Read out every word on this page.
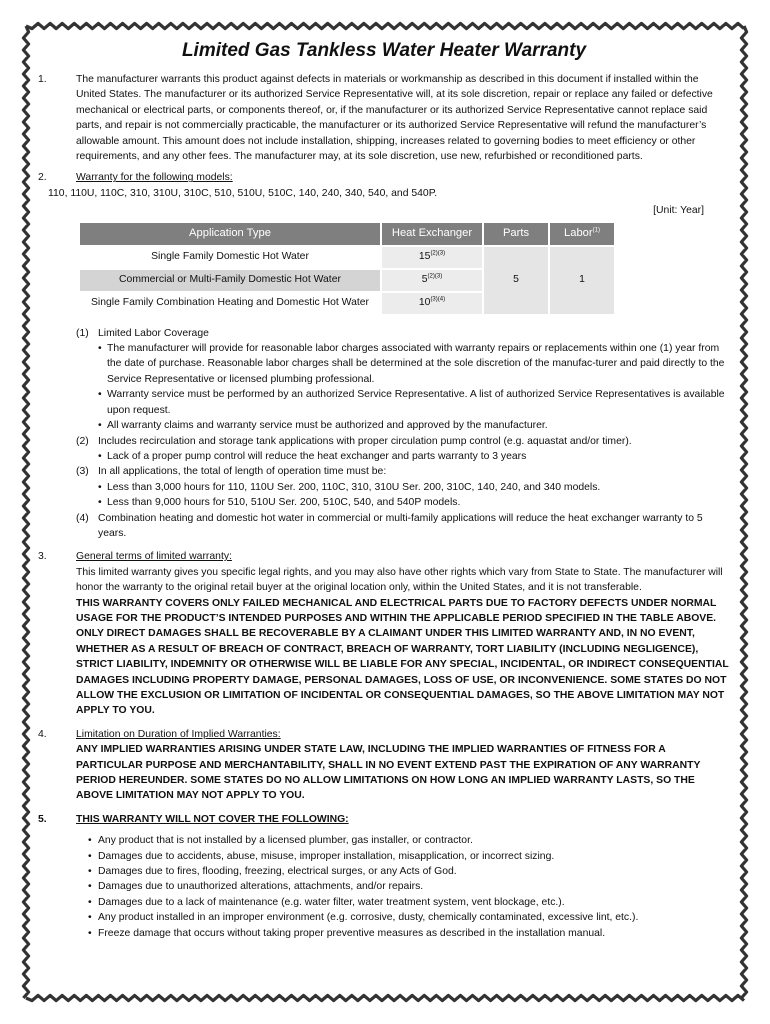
Limited Gas Tankless Water Heater Warranty
1.	The manufacturer warrants this product against defects in materials or workmanship as described in this document if installed within the United States. The manufacturer or its authorized Service Representative will, at its sole discretion, repair or replace any failed or defective mechanical or electrical parts, or components thereof, or, if the manufacturer or its authorized Service Representative cannot replace said parts, and repair is not commercially practicable, the manufacturer or its authorized Service Representative will refund the manufacturer’s allowable amount. This amount does not include installation, shipping, increases related to governing bodies to meet efficiency or other requirements, and any other fees. The manufacturer may, at its sole discretion, use new, refurbished or reconditioned parts.
2.	Warranty for the following models:
110, 110U, 110C, 310, 310U, 310C, 510, 510U, 510C, 140, 240, 340, 540, and 540P.
[Unit: Year]
Application Type	Heat Exchanger	Parts	Labor$^{(1)}$
Single Family Domestic Hot Water	$15^{(2)(3)}$	5	1
Commercial or Multi-Family Domestic Hot Water	$5^{(2)(3)}$
Single Family Combination Heating and Domestic Hot Water	$10^{(3)(4)}$
(1) Limited Labor Coverage
• The manufacturer will provide for reasonable labor charges associated with warranty repairs or replacements within one (1) year from the date of purchase. Reasonable labor charges shall be determined at the sole discretion of the manufac-turer and paid directly to the Service Representative or licensed plumbing professional.
• Warranty service must be performed by an authorized Service Representative. A list of authorized Service Representatives is available upon request.
• All warranty claims and warranty service must be authorized and approved by the manufacturer.
(2) Includes recirculation and storage tank applications with proper circulation pump control (e.g. aquastat and/or timer).
• Lack of a proper pump control will reduce the heat exchanger and parts warranty to 3 years
(3) In all applications, the total of length of operation time must be:
• Less than 3,000 hours for 110, 110U Ser. 200, 110C, 310, 310U Ser. 200, 310C, 140, 240, and 340 models.
• Less than 9,000 hours for 510, 510U Ser. 200, 510C, 540, and 540P models.
(4) Combination heating and domestic hot water in commercial or multi-family applications will reduce the heat exchanger warranty to 5 years.
3.	General terms of limited warranty:
This limited warranty gives you specific legal rights, and you may also have other rights which vary from State to State. The manufacturer will honor the warranty to the original retail buyer at the original location only, within the United States, and it is not transferable.
THIS WARRANTY COVERS ONLY FAILED MECHANICAL AND ELECTRICAL PARTS DUE TO FACTORY DEFECTS UNDER NORMAL USAGE FOR THE PRODUCT’S INTENDED PURPOSES AND WITHIN THE APPLICABLE PERIOD SPECIFIED IN THE TABLE ABOVE. ONLY DIRECT DAMAGES SHALL BE RECOVERABLE BY A CLAIMANT UNDER THIS LIMITED WARRANTY AND, IN NO EVENT, WHETHER AS A RESULT OF BREACH OF CONTRACT, BREACH OF WARRANTY, TORT LIABILITY (INCLUDING NEGLIGENCE), STRICT LIABILITY, INDEMNITY OR OTHERWISE WILL BE LIABLE FOR ANY SPECIAL, INCIDENTAL, OR INDIRECT CONSEQUENTIAL DAMAGES INCLUDING PROPERTY DAMAGE, PERSONAL DAMAGES, LOSS OF USE, OR INCONVENIENCE. SOME STATES DO NOT ALLOW THE EXCLUSION OR LIMITATION OF INCIDENTAL OR CONSEQUENTIAL DAMAGES, SO THE ABOVE LIMITATION MAY NOT APPLY TO YOU.
4.	Limitation on Duration of Implied Warranties:
ANY IMPLIED WARRANTIES ARISING UNDER STATE LAW, INCLUDING THE IMPLIED WARRANTIES OF FITNESS FOR A PARTICULAR PURPOSE AND MERCHANTABILITY, SHALL IN NO EVENT EXTEND PAST THE EXPIRATION OF ANY WARRANTY PERIOD HEREUNDER. SOME STATES DO NO ALLOW LIMITATIONS ON HOW LONG AN IMPLIED WARRANTY LASTS, SO THE ABOVE LIMITATION MAY NOT APPLY TO YOU.
5.	THIS WARRANTY WILL NOT COVER THE FOLLOWING:
• Any product that is not installed by a licensed plumber, gas installer, or contractor.
• Damages due to accidents, abuse, misuse, improper installation, misapplication, or incorrect sizing.
• Damages due to fires, flooding, freezing, electrical surges, or any Acts of God.
• Damages due to unauthorized alterations, attachments, and/or repairs.
• Damages due to a lack of maintenance (e.g. water filter, water treatment system, vent blockage, etc.).
• Any product installed in an improper environment (e.g. corrosive, dusty, chemically contaminated, excessive lint, etc.).
• Freeze damage that occurs without taking proper preventive measures as described in the installation manual.
